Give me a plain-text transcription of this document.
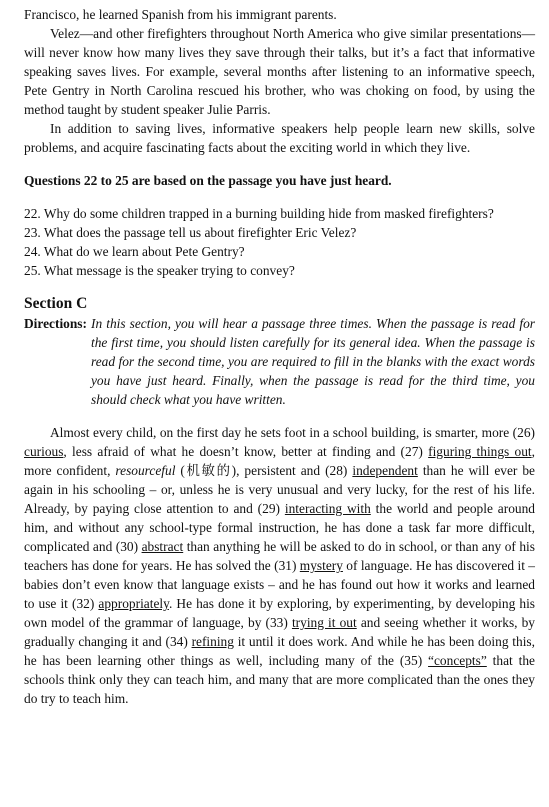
Francisco, he learned Spanish from his immigrant parents.

Velez—and other firefighters throughout North America who give similar presentations—will never know how many lives they save through their talks, but it’s a fact that informative speaking saves lives. For example, several months after listening to an informative speech, Pete Gentry in North Carolina rescued his brother, who was choking on food, by using the method taught by student speaker Julie Parris.

In addition to saving lives, informative speakers help people learn new skills, solve problems, and acquire fascinating facts about the exciting world in which they live.

Questions 22 to 25 are based on the passage you have just heard.

22. Why do some children trapped in a burning building hide from masked firefighters?
23. What does the passage tell us about firefighter Eric Velez?
24. What do we learn about Pete Gentry?
25. What message is the speaker trying to convey?

Section C

Directions: In this section, you will hear a passage three times. When the passage is read for the first time, you should listen carefully for its general idea. When the passage is read for the second time, you are required to fill in the blanks with the exact words you have just heard. Finally, when the passage is read for the third time, you should check what you have written.

Almost every child, on the first day he sets foot in a school building, is smarter, more (26) curious, less afraid of what he doesn’t know, better at finding and (27) figuring things out, more confident, resourceful (机敏的), persistent and (28) independent than he will ever be again in his schooling – or, unless he is very unusual and very lucky, for the rest of his life. Already, by paying close attention to and (29) interacting with the world and people around him, and without any school-type formal instruction, he has done a task far more difficult, complicated and (30) abstract than anything he will be asked to do in school, or than any of his teachers has done for years. He has solved the (31) mystery of language. He has discovered it – babies don’t even know that language exists – and he has found out how it works and learned to use it (32) appropriately. He has done it by exploring, by experimenting, by developing his own model of the grammar of language, by (33) trying it out and seeing whether it works, by gradually changing it and (34) refining it until it does work. And while he has been doing this, he has been learning other things as well, including many of the (35) “concepts” that the schools think only they can teach him, and many that are more complicated than the ones they do try to teach him.
